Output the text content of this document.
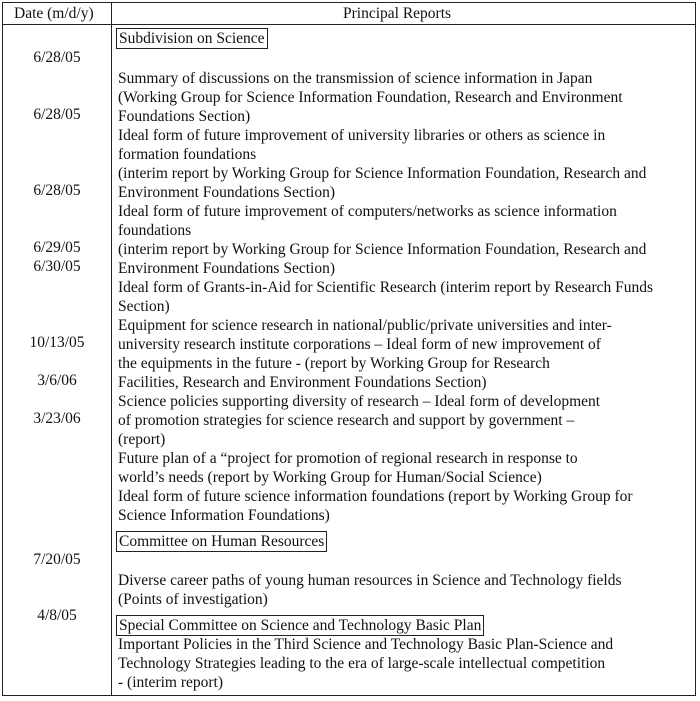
Date (m/d/y)	Principal Reports
6/28/05
6/28/05
6/28/05
6/29/05
6/30/05
10/13/05
3/6/06
3/23/06
7/20/05
4/8/05
Subdivision on Science
Committee on Human Resources
Special Committee on Science and Technology Basic Plan
Summary of discussions on the transmission of science information in Japan
(Working Group for Science Information Foundation, Research and Environment
Foundations Section)
Ideal form of future improvement of university libraries or others as science in
formation foundations
(interim report by Working Group for Science Information Foundation, Research and
Environment Foundations Section)
Ideal form of future improvement of computers/networks as science information
foundations
(interim report by Working Group for Science Information Foundation, Research and
Environment Foundations Section)
Ideal form of Grants-in-Aid for Scientific Research (interim report by Research Funds
Section)
Equipment for science research in national/public/private universities and inter-
university research institute corporations – Ideal form of new improvement of
the equipments in the future - (report by Working Group for Research
Facilities, Research and Environment Foundations Section)
Science policies supporting diversity of research – Ideal form of development
of promotion strategies for science research and support by government –
(report)
Future plan of a “project for promotion of regional research in response to
world’s needs (report by Working Group for Human/Social Science)
Ideal form of future science information foundations (report by Working Group for
Science Information Foundations)
Diverse career paths of young human resources in Science and Technology fields
(Points of investigation)
Important Policies in the Third Science and Technology Basic Plan-Science and
Technology Strategies leading to the era of large-scale intellectual competition
- (interim report)
